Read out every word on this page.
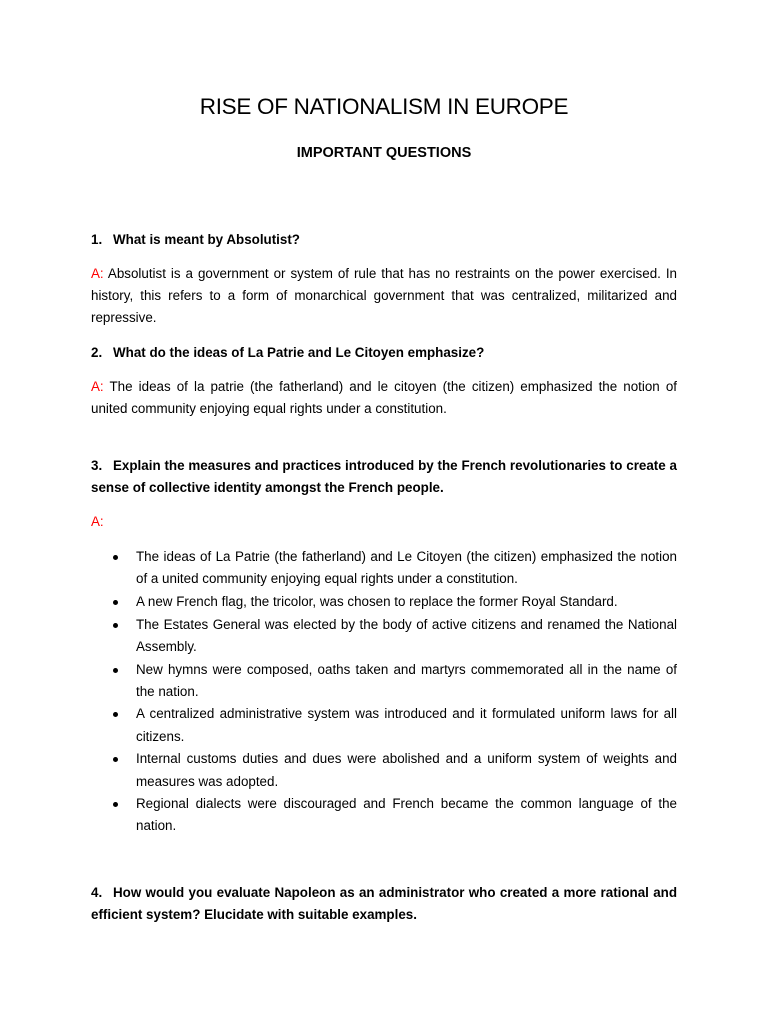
RISE OF NATIONALISM IN EUROPE
IMPORTANT QUESTIONS
1. What is meant by Absolutist?
A: Absolutist is a government or system of rule that has no restraints on the power exercised. In history, this refers to a form of monarchical government that was centralized, militarized and repressive.
2. What do the ideas of La Patrie and Le Citoyen emphasize?
A: The ideas of la patrie (the fatherland) and le citoyen (the citizen) emphasized the notion of united community enjoying equal rights under a constitution.
3. Explain the measures and practices introduced by the French revolutionaries to create a sense of collective identity amongst the French people.
A:
The ideas of La Patrie (the fatherland) and Le Citoyen (the citizen) emphasized the notion of a united community enjoying equal rights under a constitution.
A new French flag, the tricolor, was chosen to replace the former Royal Standard.
The Estates General was elected by the body of active citizens and renamed the National Assembly.
New hymns were composed, oaths taken and martyrs commemorated all in the name of the nation.
A centralized administrative system was introduced and it formulated uniform laws for all citizens.
Internal customs duties and dues were abolished and a uniform system of weights and measures was adopted.
Regional dialects were discouraged and French became the common language of the nation.
4. How would you evaluate Napoleon as an administrator who created a more rational and efficient system? Elucidate with suitable examples.
